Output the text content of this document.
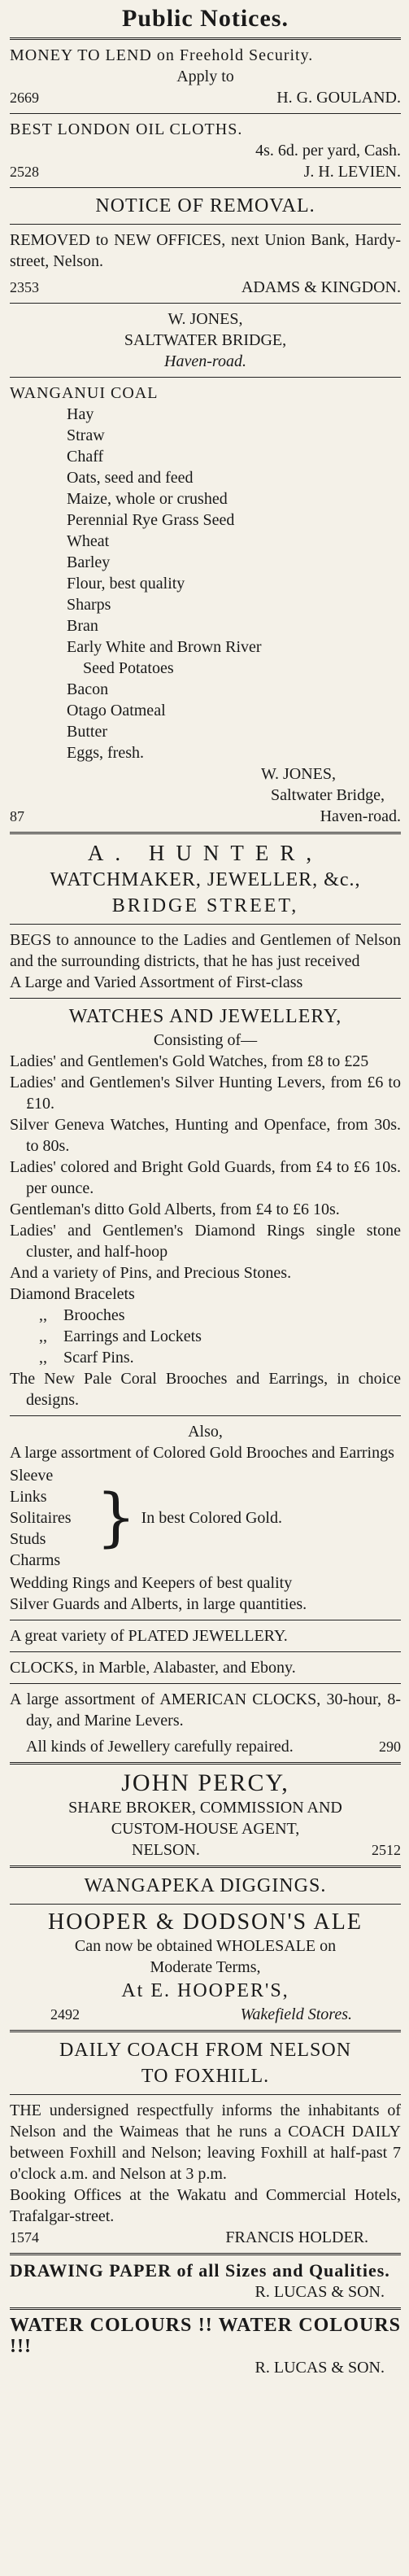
Public Notices.
MONEY TO LEND on Freehold Security.
Apply to
2669	H. G. GOULAND.
BEST LONDON OIL CLOTHS.
4s. 6d. per yard, Cash.
2528	J. H. LEVIEN.
NOTICE OF REMOVAL.
REMOVED to NEW OFFICES, next Union Bank, Hardy-street, Nelson.
2353	ADAMS & KINGDON.
W. JONES,
SALTWATER BRIDGE,
Haven-road.
WANGANUI COAL
Hay
Straw
Chaff
Oats, seed and feed
Maize, whole or crushed
Perennial Rye Grass Seed
Wheat
Barley
Flour, best quality
Sharps
Bran
Early White and Brown River
Seed Potatoes
Bacon
Otago Oatmeal
Butter
Eggs, fresh.
W. JONES,
Saltwater Bridge,
87	Haven-road.
A. HUNTER,
WATCHMAKER, JEWELLER, &c.,
BRIDGE STREET,
BEGS to announce to the Ladies and Gentlemen of Nelson and the surrounding districts, that he has just received
A Large and Varied Assortment of First-class
WATCHES AND JEWELLERY,
Consisting of—
Ladies' and Gentlemen's Gold Watches, from £8 to £25
Ladies' and Gentlemen's Silver Hunting Levers, from £6 to £10.
Silver Geneva Watches, Hunting and Openface, from 30s. to 80s.
Ladies' colored and Bright Gold Guards, from £4 to £6 10s. per ounce.
Gentleman's ditto Gold Alberts, from £4 to £6 10s.
Ladies' and Gentlemen's Diamond Rings single stone cluster, and half-hoop
And a variety of Pins, and Precious Stones.
Diamond Bracelets
,, Brooches
,, Earrings and Lockets
,, Scarf Pins.
The New Pale Coral Brooches and Earrings, in choice designs.
Also,
A large assortment of Colored Gold Brooches and Earrings
Sleeve Links
Solitaires
Studs
Charms
} In best Colored Gold.
Wedding Rings and Keepers of best quality
Silver Guards and Alberts, in large quantities.
A great variety of PLATED JEWELLERY.
CLOCKS, in Marble, Alabaster, and Ebony.
A large assortment of AMERICAN CLOCKS, 30-hour, 8-day, and Marine Levers.
All kinds of Jewellery carefully repaired.	290
JOHN PERCY,
SHARE BROKER, COMMISSION AND
CUSTOM-HOUSE AGENT,
NELSON.	2512
WANGAPEKA DIGGINGS.
HOOPER & DODSON'S ALE
Can now be obtained WHOLESALE on
Moderate Terms,
At E. HOOPER'S,
2492	Wakefield Stores.
DAILY COACH FROM NELSON
TO FOXHILL.
THE undersigned respectfully informs the inhabitants of Nelson and the Waimeas that he runs a COACH DAILY between Foxhill and Nelson; leaving Foxhill at half-past 7 o'clock a.m. and Nelson at 3 p.m.
Booking Offices at the Wakatu and Commercial Hotels, Trafalgar-street.
1574	FRANCIS HOLDER.
DRAWING PAPER of all Sizes and Qualities.
R. LUCAS & SON.
WATER COLOURS !! WATER COLOURS !!!
R. LUCAS & SON.
